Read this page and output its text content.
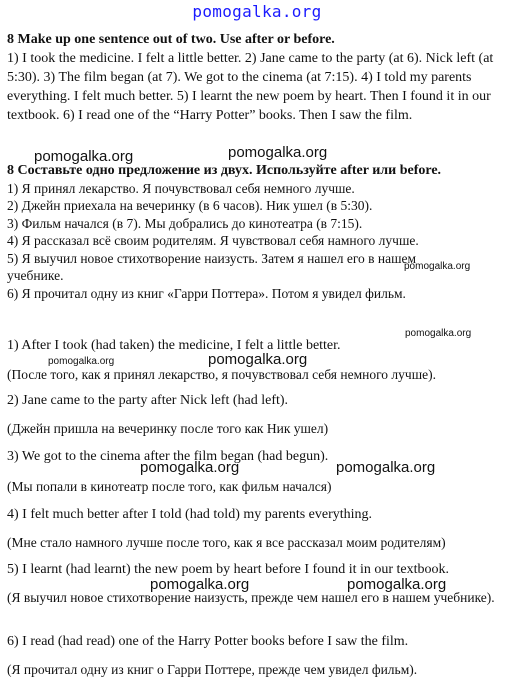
pomogalka.org
8 Make up one sentence out of two. Use after or before.
1) I took the medicine. I felt a little better. 2) Jane came to the party (at 6). Nick left (at 5:30). 3) The film began (at 7). We got to the cinema (at 7:15). 4) I told my parents everything. I felt much better. 5) I learnt the new poem by heart. Then I found it in our textbook. 6) I read one of the “Harry Potter” books. Then I saw the film.
8 Составьте одно предложение из двух. Используйте after или before.
1) Я принял лекарство. Я почувствовал себя немного лучше.
2) Джейн приехала на вечеринку (в 6 часов). Ник ушел (в 5:30).
3) Фильм начался (в 7). Мы добрались до кинотеатра (в 7:15).
4) Я рассказал всё своим родителям. Я чувствовал себя намного лучше.
5) Я выучил новое стихотворение наизусть. Затем я нашел его в нашем учебнике.
6) Я прочитал одну из книг «Гарри Поттера». Потом я увидел фильм.
1) After I took (had taken) the medicine, I felt a little better.
(После того, как я принял лекарство, я почувствовал себя немного лучше).
2) Jane came to the party after Nick left (had left).
(Джейн пришла на вечеринку после того как Ник ушел)
3) We got to the cinema after the film began (had begun).
(Мы попали в кинотеатр после того, как фильм начался)
4) I felt much better after I told (had told) my parents everything.
(Мне стало намного лучше после того, как я все рассказал моим родителям)
5) I learnt (had learnt) the new poem by heart before I found it in our textbook.
(Я выучил новое стихотворение наизусть, прежде чем нашел его в нашем учебнике).
6) I read (had read) one of the Harry Potter books before I saw the film.
(Я прочитал одну из книг о Гарри Поттере, прежде чем увидел фильм).
pomogalka.org	pomogalka.org
pomogalka.org
pomogalka.org
pomogalka.org	pomogalka.org
pomogalka.org	pomogalka.org
pomogalka.org	pomogalka.org
